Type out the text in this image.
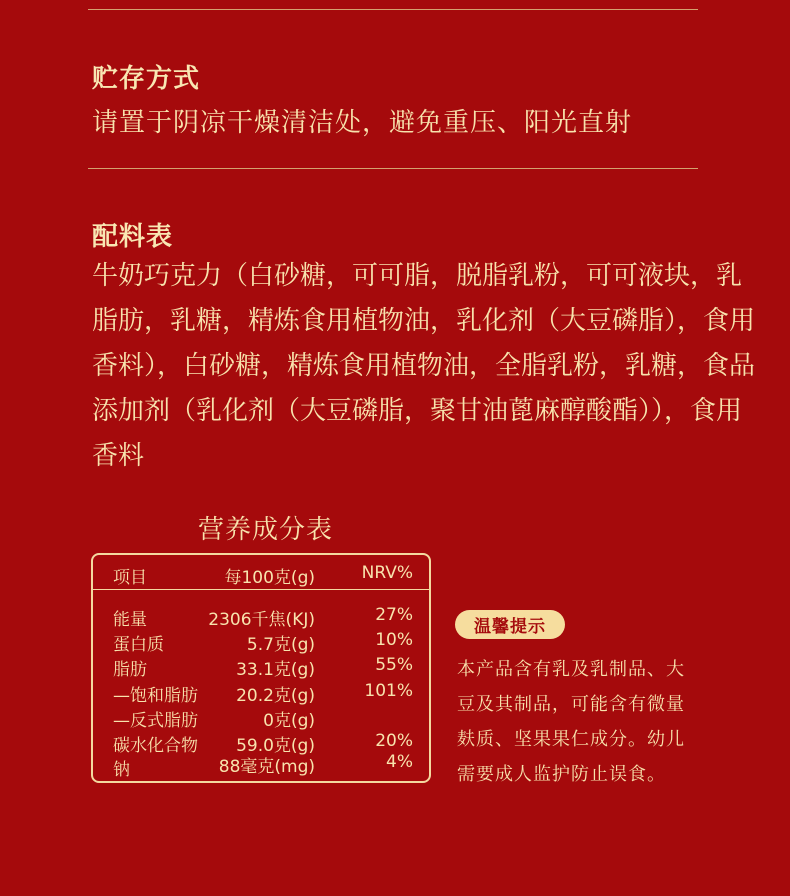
贮存方式
请置于阴凉干燥清洁处，避免重压、阳光直射
配料表
牛奶巧克力（白砂糖，可可脂，脱脂乳粉，可可液块，乳
脂肪，乳糖，精炼食用植物油，乳化剂（大豆磷脂），食用
香料），白砂糖，精炼食用植物油，全脂乳粉，乳糖，食品
添加剂（乳化剂（大豆磷脂，聚甘油蓖麻醇酸酯）），食用
香料
营养成分表
项目	每100克(g)	NRV%
能量	2306千焦(KJ)	27%
蛋白质	5.7克(g)	10%
脂肪	33.1克(g)	55%
—饱和脂肪 20.2克(g)	101%
—反式脂肪	0克(g)
碳水化合物 59.0克(g)	20%
钠	88毫克(mg)	4%
温馨提示
本产品含有乳及乳制品、大
豆及其制品，可能含有微量
麸质、坚果果仁成分。幼儿
需要成人监护防止误食。
